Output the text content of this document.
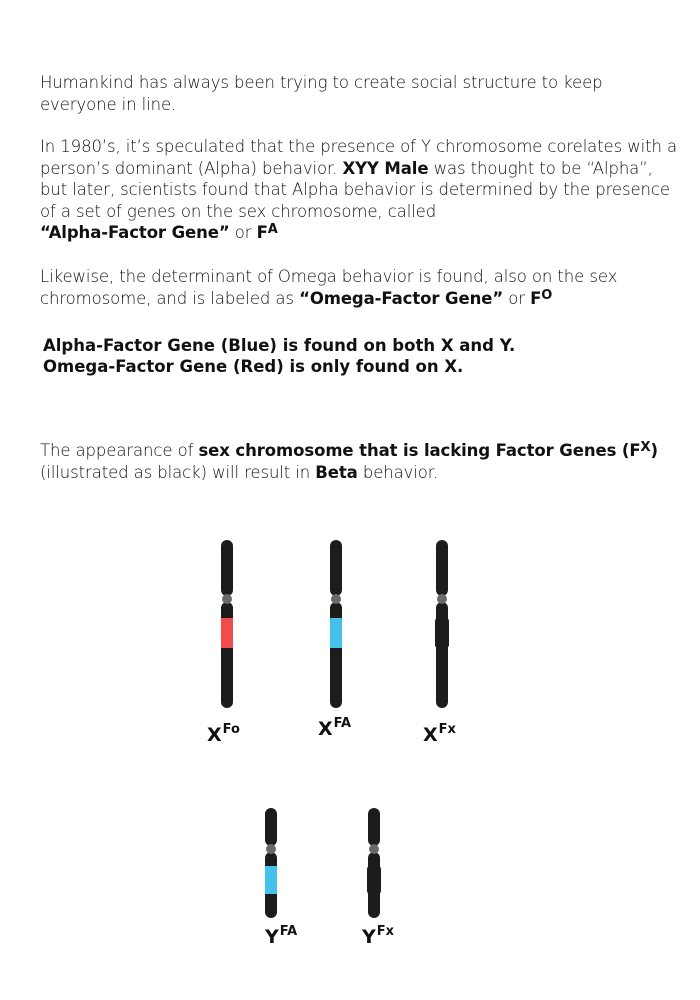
Humankind has always been trying to create social structure to keep everyone in line.

In 1980’s, it’s speculated that the presence of Y chromosome corelates with a person’s dominant (Alpha) behavior. XYY Male was thought to be “Alpha”, but later, scientists found that Alpha behavior is determined by the presence of a set of genes on the sex chromosome, called
“Alpha-Factor Gene” or $F^A$

Likewise, the determinant of Omega behavior is found, also on the sex chromosome, and is labeled as “Omega-Factor Gene” or $F^O$

Alpha-Factor Gene (Blue) is found on both X and Y.
Omega-Factor Gene (Red) is only found on X.

The appearance of sex chromosome that is lacking Factor Genes $(F^X)$
(illustrated as black) will result in Beta behavior.

$X^{Fo}$	$X^{FA}$
$X^{Fx}$
$Y^{FA}$	$Y^{Fx}$
